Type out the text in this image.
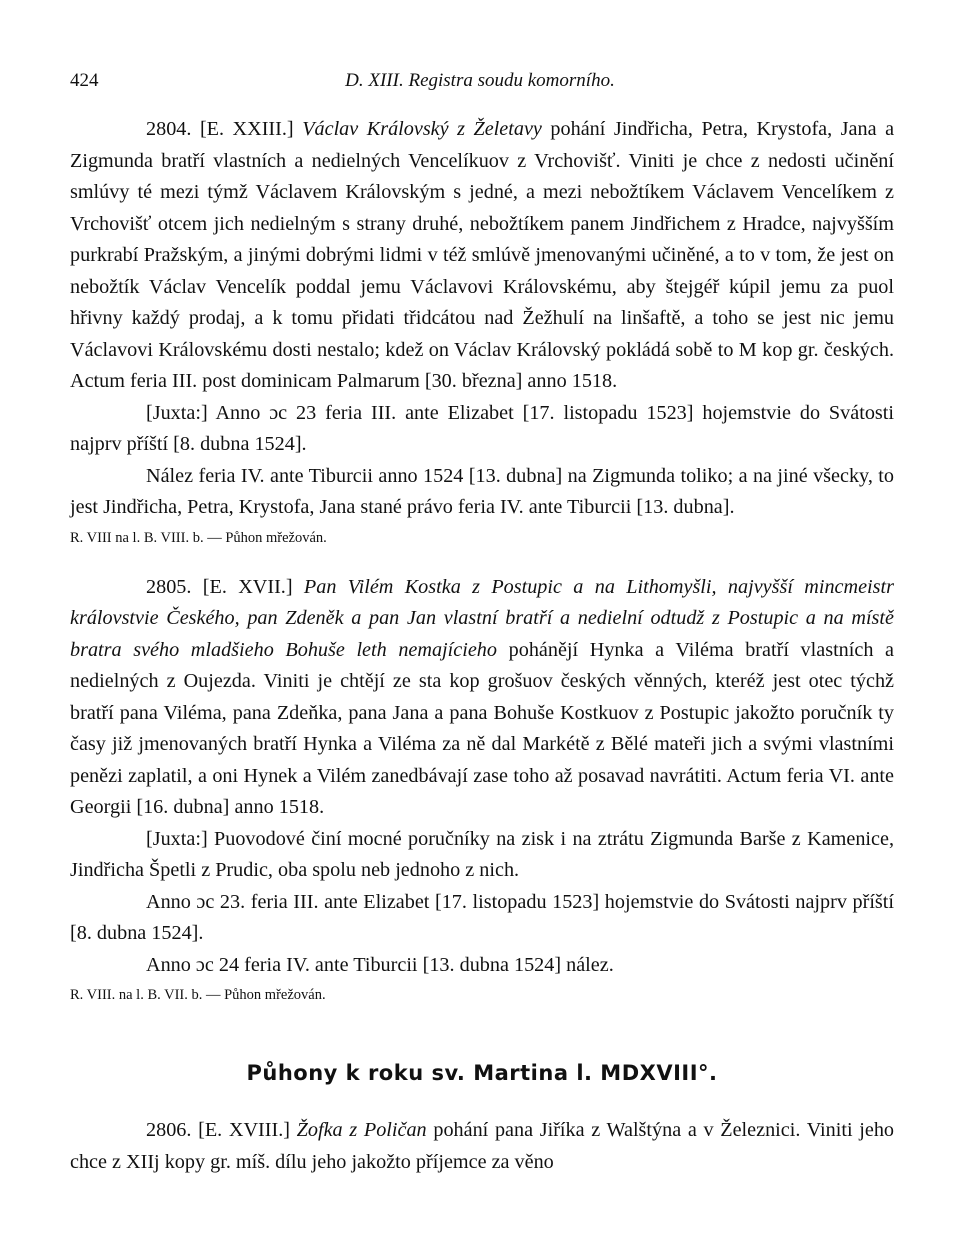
424	D. XIII. Registra soudu komorního.

2804. [E. XXIII.] Václav Královský z Želetavy pohání Jindřicha, Petra, Krystofa, Jana a Zigmunda bratří vlastních a nedielných Vencelíkuov z Vrchovišť. Viniti je chce z nedosti učinění smlúvy té mezi týmž Václavem Královským s jedné, a mezi nebožtíkem Václavem Vencelíkem z Vrchovišť otcem jich nedielným s strany druhé, nebožtíkem panem Jindřichem z Hradce, najvyšším purkrabí Pražským, a jinými dobrými lidmi v též smlúvě jmenovanými učiněné, a to v tom, že jest on nebožtík Václav Vencelík poddal jemu Václavovi Královskému, aby štejgéř kúpil jemu za puol hřivny každý prodaj, a k tomu přidati třidcátou nad Žežhulí na linšaftě, a toho se jest nic jemu Václavovi Královskému dosti nestalo; kdež on Václav Královský pokládá sobě to M kop gr. českých. Actum feria III. post dominicam Palmarum [30. března] anno 1518.

[Juxta:] Anno ɔc 23 feria III. ante Elizabet [17. listopadu 1523] hojemstvie do Svátosti najprv příští [8. dubna 1524].

Nález feria IV. ante Tiburcii anno 1524 [13. dubna] na Zigmunda toliko; a na jiné všecky, to jest Jindřicha, Petra, Krystofa, Jana stané právo feria IV. ante Tiburcii [13. dubna].

R. VIII na l. B. VIII. b. — Půhon mřežován.

2805. [E. XVII.] Pan Vilém Kostka z Postupic a na Lithomyšli, najvyšší mincmeistr královstvie Českého, pan Zdeněk a pan Jan vlastní bratří a nedielní odtudž z Postupic a na místě bratra svého mladšieho Bohuše leth nemajícieho pohánějí Hynka a Viléma bratří vlastních a nedielných z Oujezda. Viniti je chtějí ze sta kop grošuov českých věnných, kteréž jest otec týchž bratří pana Viléma, pana Zdeňka, pana Jana a pana Bohuše Kostkuov z Postupic jakožto poručník ty časy již jmenovaných bratří Hynka a Viléma za ně dal Markétě z Bělé mateři jich a svými vlastními penězi zaplatil, a oni Hynek a Vilém zanedbávají zase toho až posavad navrátiti. Actum feria VI. ante Georgii [16. dubna] anno 1518.

[Juxta:] Puovodové činí mocné poručníky na zisk i na ztrátu Zigmunda Barše z Kamenice, Jindřicha Špetli z Prudic, oba spolu neb jednoho z nich.

Anno ɔc 23. feria III. ante Elizabet [17. listopadu 1523] hojemstvie do Svátosti najprv příští [8. dubna 1524].

Anno ɔc 24 feria IV. ante Tiburcii [13. dubna 1524] nález.

R. VIII. na l. B. VII. b. — Půhon mřežován.

Půhony k roku sv. Martina l. MDXVIII°.

2806. [E. XVIII.] Žofka z Poličan pohání pana Jiříka z Walštýna a v Železnici. Viniti jeho chce z XIIj kopy gr. míš. dílu jeho jakožto příjemce za věno
